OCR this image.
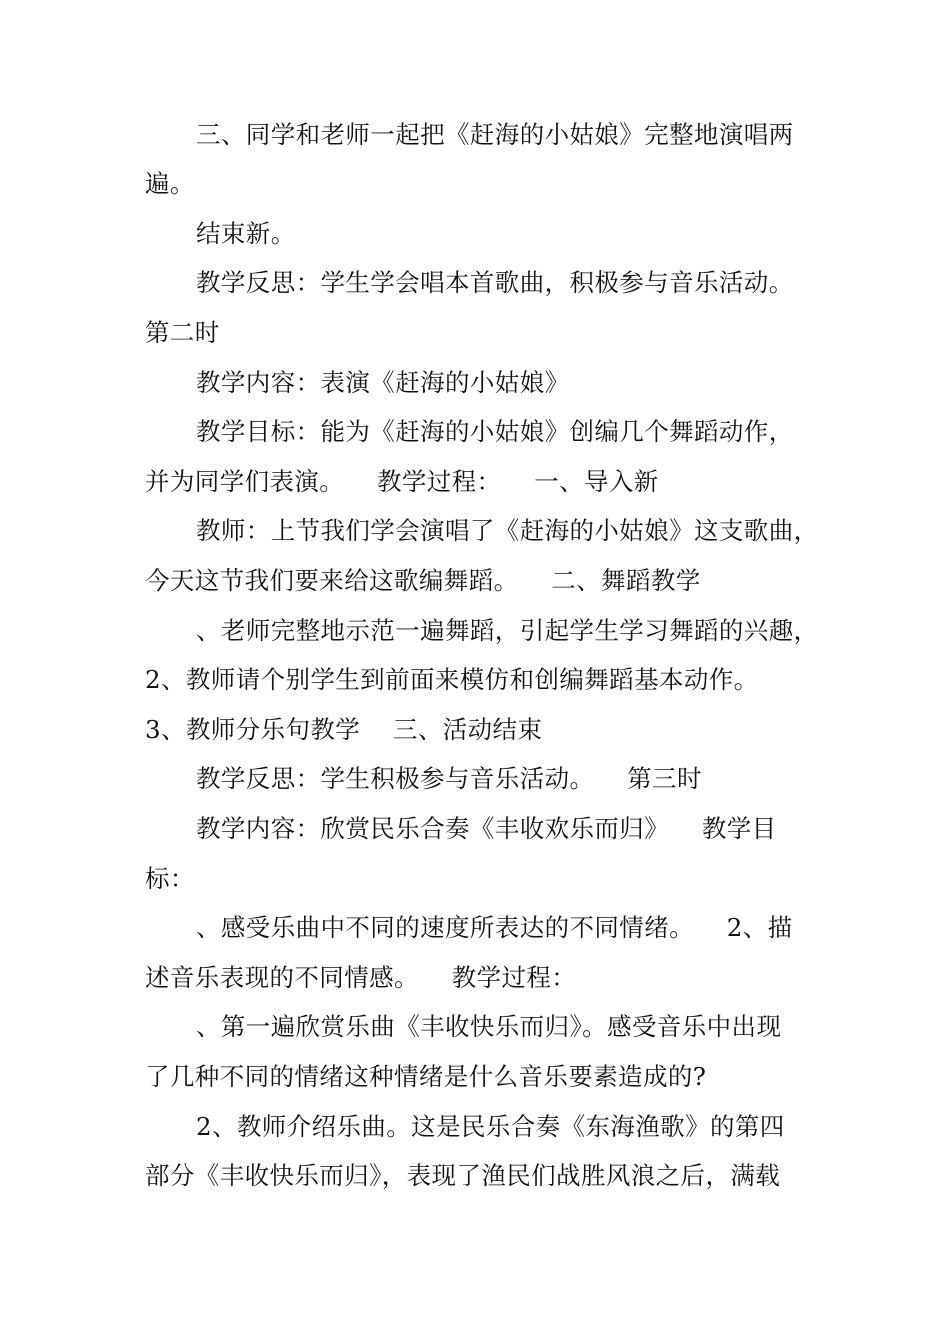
三、同学和老师一起把《赶海的小姑娘》完整地演唱两
遍。
结束新。
教学反思：学生学会唱本首歌曲，积极参与音乐活动。
第二时
教学内容：表演《赶海的小姑娘》
教学目标：能为《赶海的小姑娘》创编几个舞蹈动作，
并为同学们表演。    教学过程：    一、导入新
教师：上节我们学会演唱了《赶海的小姑娘》这支歌曲，
今天这节我们要来给这歌编舞蹈。    二、舞蹈教学
、老师完整地示范一遍舞蹈，引起学生学习舞蹈的兴趣，
2、教师请个别学生到前面来模仿和创编舞蹈基本动作。
3、教师分乐句教学    三、活动结束
教学反思：学生积极参与音乐活动。    第三时
教学内容：欣赏民乐合奏《丰收欢乐而归》    教学目
标：
、感受乐曲中不同的速度所表达的不同情绪。    2、描
述音乐表现的不同情感。    教学过程：
、第一遍欣赏乐曲《丰收快乐而归》。感受音乐中出现
了几种不同的情绪这种情绪是什么音乐要素造成的?
2、教师介绍乐曲。这是民乐合奏《东海渔歌》的第四
部分《丰收快乐而归》，表现了渔民们战胜风浪之后，满载
